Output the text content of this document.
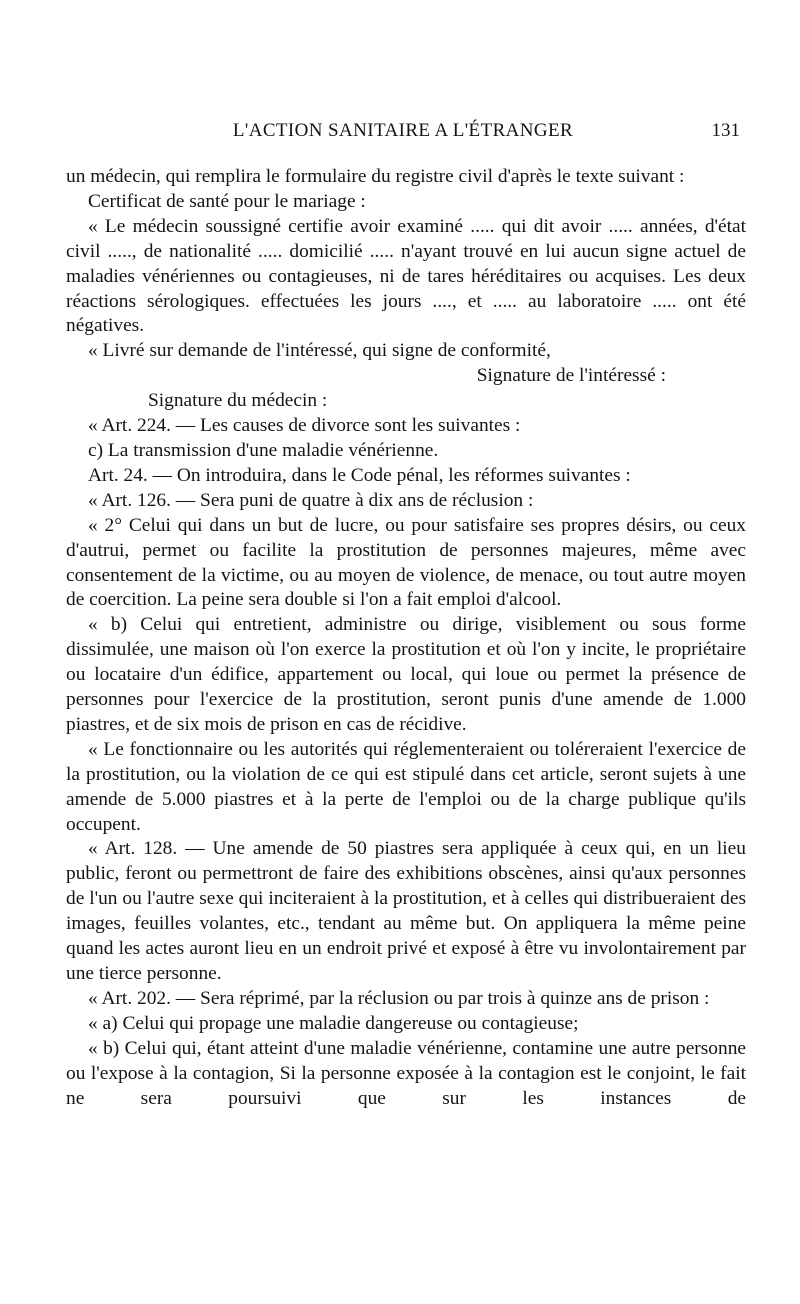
L'ACTION SANITAIRE A L'ÉTRANGER	131

un médecin, qui remplira le formulaire du registre civil d'après le texte suivant :

Certificat de santé pour le mariage :

« Le médecin soussigné certifie avoir examiné ..... qui dit avoir ..... années, d'état civil ....., de nationalité ..... domicilié ..... n'ayant trouvé en lui aucun signe actuel de maladies vénériennes ou contagieuses, ni de tares héréditaires ou acquises. Les deux réactions sérologiques. effectuées les jours ...., et ..... au laboratoire ..... ont été négatives.

« Livré sur demande de l'intéressé, qui signe de conformité,

Signature de l'intéressé :

Signature du médecin :

« Art. 224. — Les causes de divorce sont les suivantes :

c) La transmission d'une maladie vénérienne.

Art. 24. — On introduira, dans le Code pénal, les réformes suivantes :

« Art. 126. — Sera puni de quatre à dix ans de réclusion :

« 2° Celui qui dans un but de lucre, ou pour satisfaire ses propres désirs, ou ceux d'autrui, permet ou facilite la prostitution de personnes majeures, même avec consentement de la victime, ou au moyen de violence, de menace, ou tout autre moyen de coercition. La peine sera double si l'on a fait emploi d'alcool.

« b) Celui qui entretient, administre ou dirige, visiblement ou sous forme dissimulée, une maison où l'on exerce la prostitution et où l'on y incite, le propriétaire ou locataire d'un édifice, appartement ou local, qui loue ou permet la présence de personnes pour l'exercice de la prostitution, seront punis d'une amende de 1.000 piastres, et de six mois de prison en cas de récidive.

« Le fonctionnaire ou les autorités qui réglementeraient ou toléreraient l'exercice de la prostitution, ou la violation de ce qui est stipulé dans cet article, seront sujets à une amende de 5.000 piastres et à la perte de l'emploi ou de la charge publique qu'ils occupent.

« Art. 128. — Une amende de 50 piastres sera appliquée à ceux qui, en un lieu public, feront ou permettront de faire des exhibitions obscènes, ainsi qu'aux personnes de l'un ou l'autre sexe qui inciteraient à la prostitution, et à celles qui distribueraient des images, feuilles volantes, etc., tendant au même but. On appliquera la même peine quand les actes auront lieu en un endroit privé et exposé à être vu involontairement par une tierce personne.

« Art. 202. — Sera réprimé, par la réclusion ou par trois à quinze ans de prison :

« a) Celui qui propage une maladie dangereuse ou contagieuse;

« b) Celui qui, étant atteint d'une maladie vénérienne, contamine une autre personne ou l'expose à la contagion, Si la personne exposée à la contagion est le conjoint, le fait ne sera poursuivi que sur les instances de
